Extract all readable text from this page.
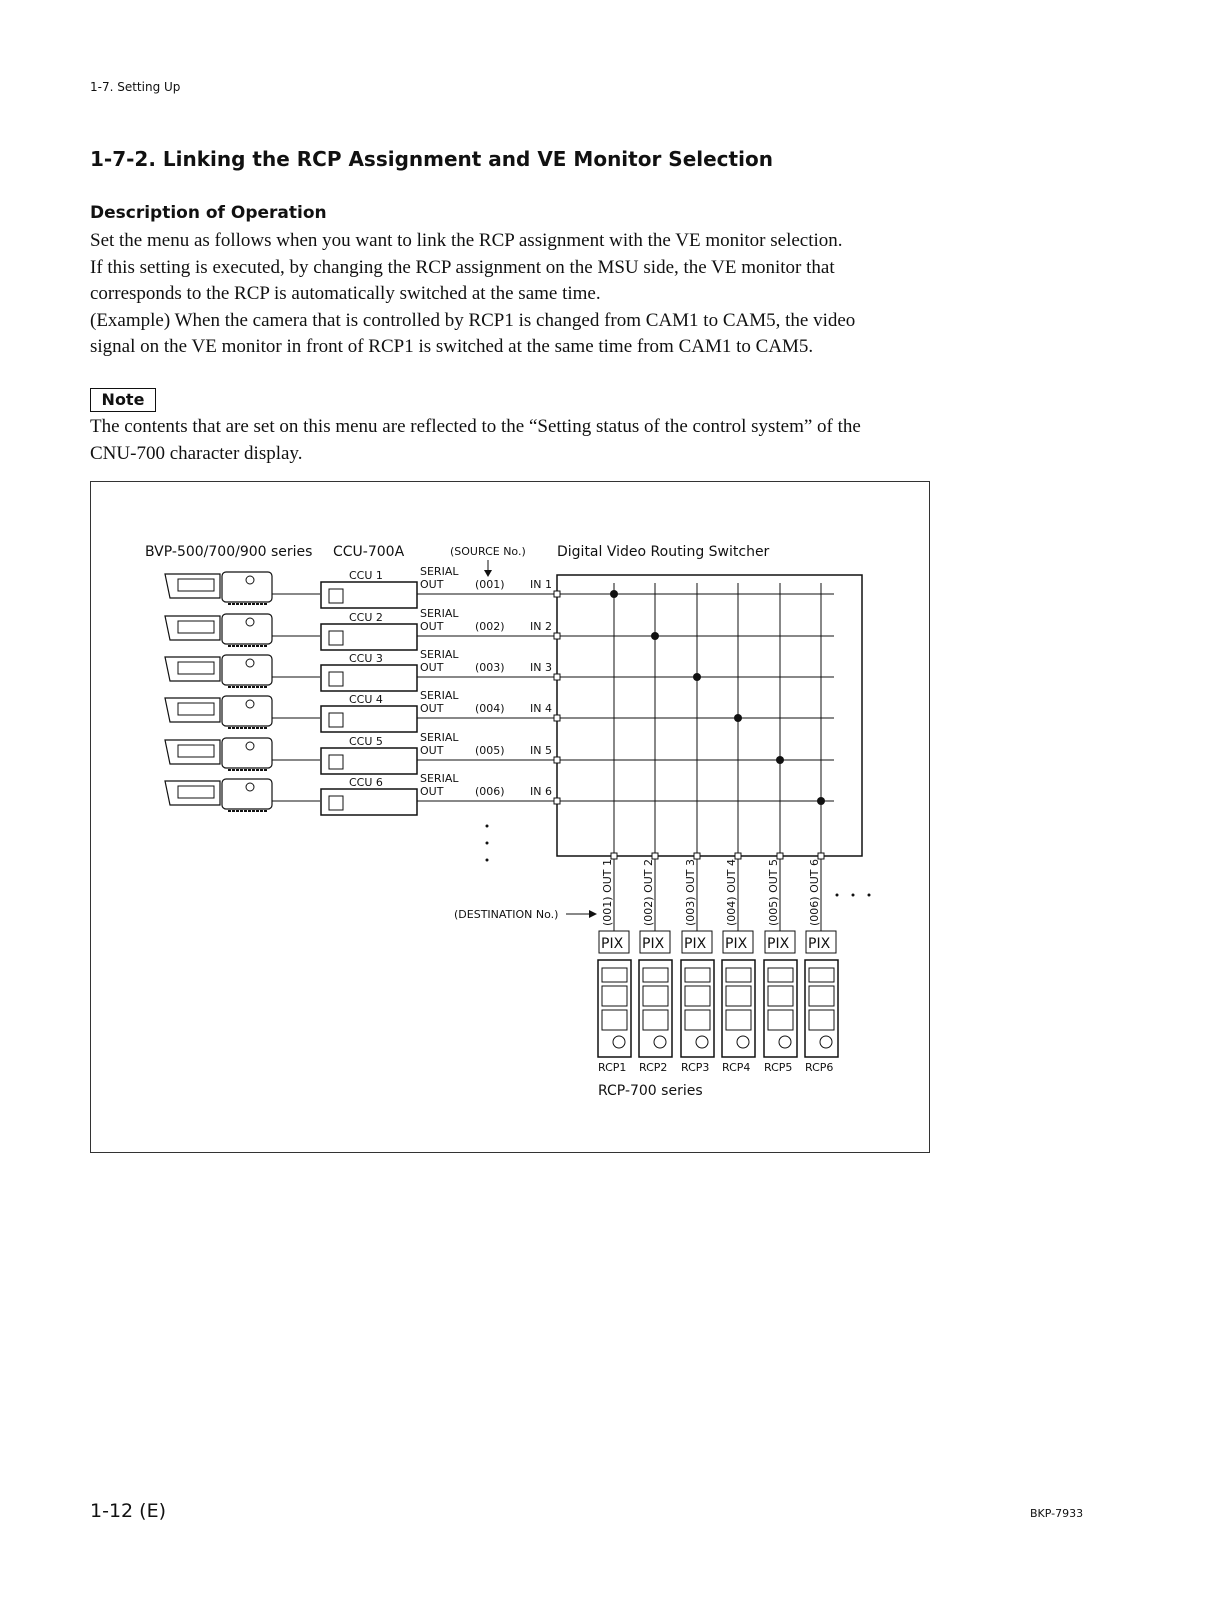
1-7. Setting Up
1-7-2. Linking the RCP Assignment and VE Monitor Selection
Description of Operation
Set the menu as follows when you want to link the RCP assignment with the VE monitor selection.
If this setting is executed, by changing the RCP assignment on the MSU side, the VE monitor that
corresponds to the RCP is automatically switched at the same time.
(Example) When the camera that is controlled by RCP1 is changed from CAM1 to CAM5, the video
signal on the VE monitor in front of RCP1 is switched at the same time from CAM1 to CAM5.
Note
The contents that are set on this menu are reflected to the “Setting status of the control system” of the
CNU-700 character display.
BVP-500/700/900 series CCU-700A	(SOURCE No.) Digital Video Routing Switcher
(DESTINATION No.)
RCP-700 series
CCU 1	SERIAL
OUT	(001) IN 1
CCU 2	SERIAL
OUT	(002) IN 2
CCU 3	SERIAL
OUT	(003) IN 3
CCU 4	SERIAL
OUT	(004) IN 4
CCU 5	SERIAL
OUT	(005) IN 5
CCU 6	SERIAL
OUT	(006) IN 6
(001) OUT 1
PIX
RCP1
(002) OUT 2
PIX
RCP2
(003) OUT 3
PIX
RCP3
(004) OUT 4
PIX
RCP4
(005) OUT 5
PIX
RCP5
(006) OUT 6
PIX
RCP6
1-12 (E)	BKP-7933
